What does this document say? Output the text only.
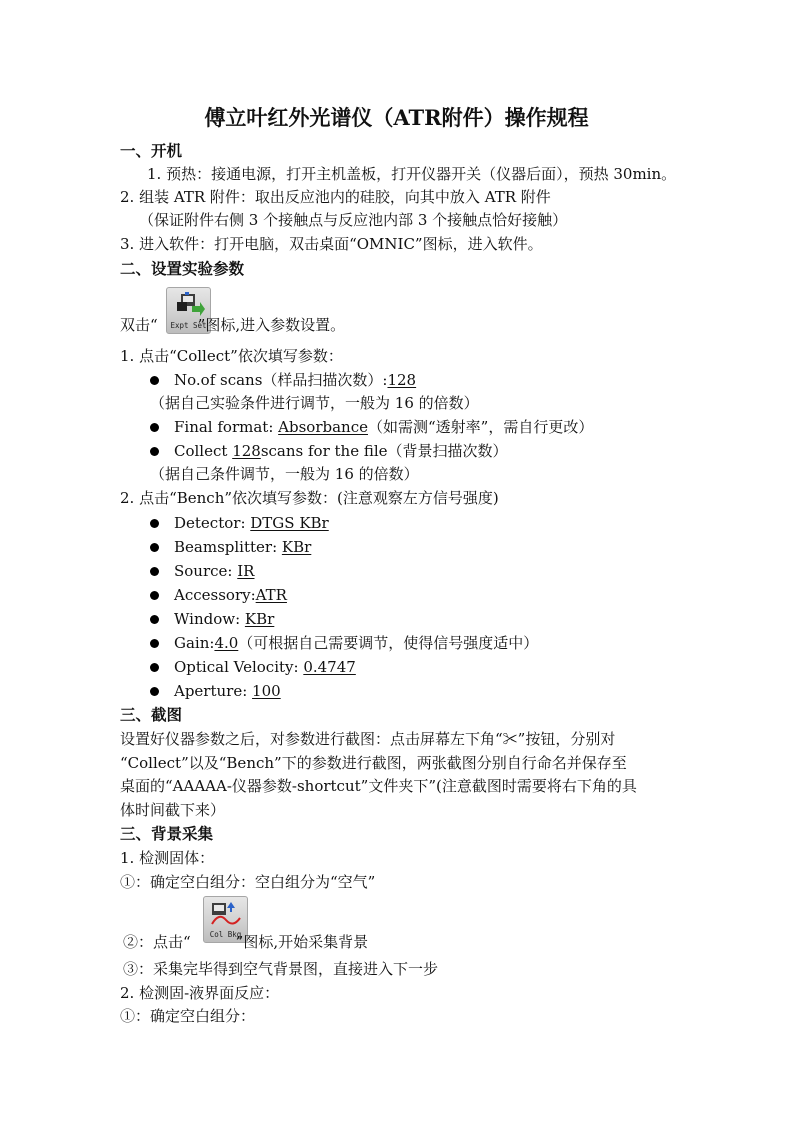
傅立叶红外光谱仪（ATR附件）操作规程
一、开机
1. 预热：接通电源，打开主机盖板，打开仪器开关（仪器后面），预热 30min。
2. 组装 ATR 附件：取出反应池内的硅胶，向其中放入 ATR 附件
（保证附件右侧 3 个接触点与反应池内部 3 个接触点恰好接触）
3. 进入软件：打开电脑，双击桌面“OMNIC”图标，进入软件。
二、设置实验参数
Expt Set
双击“	”图标,进入参数设置。
1. 点击“Collect”依次填写参数：
No.of scans（样品扫描次数）:128
（据自己实验条件进行调节，一般为 16 的倍数）
Final format: Absorbance（如需测“透射率”，需自行更改）
Collect 128scans for the file（背景扫描次数）
（据自己条件调节，一般为 16 的倍数）
2. 点击“Bench”依次填写参数：(注意观察左方信号强度)
Detector: DTGS KBr
Beamsplitter: KBr
Source: IR
Accessory:ATR
Window: KBr
Gain:4.0（可根据自己需要调节，使得信号强度适中）
Optical Velocity: 0.4747
Aperture: 100
三、截图
设置好仪器参数之后，对参数进行截图：点击屏幕左下角“✂”按钮，分别对
“Collect”以及“Bench”下的参数进行截图，两张截图分别自行命名并保存至
桌面的“AAAAA-仪器参数-shortcut”文件夹下”(注意截图时需要将右下角的具
体时间截下来）
三、背景采集
1. 检测固体：
①：确定空白组分：空白组分为“空气”
Col Bkg
②：点击“	”图标,开始采集背景
③：采集完毕得到空气背景图，直接进入下一步
2. 检测固-液界面反应：
①：确定空白组分：
